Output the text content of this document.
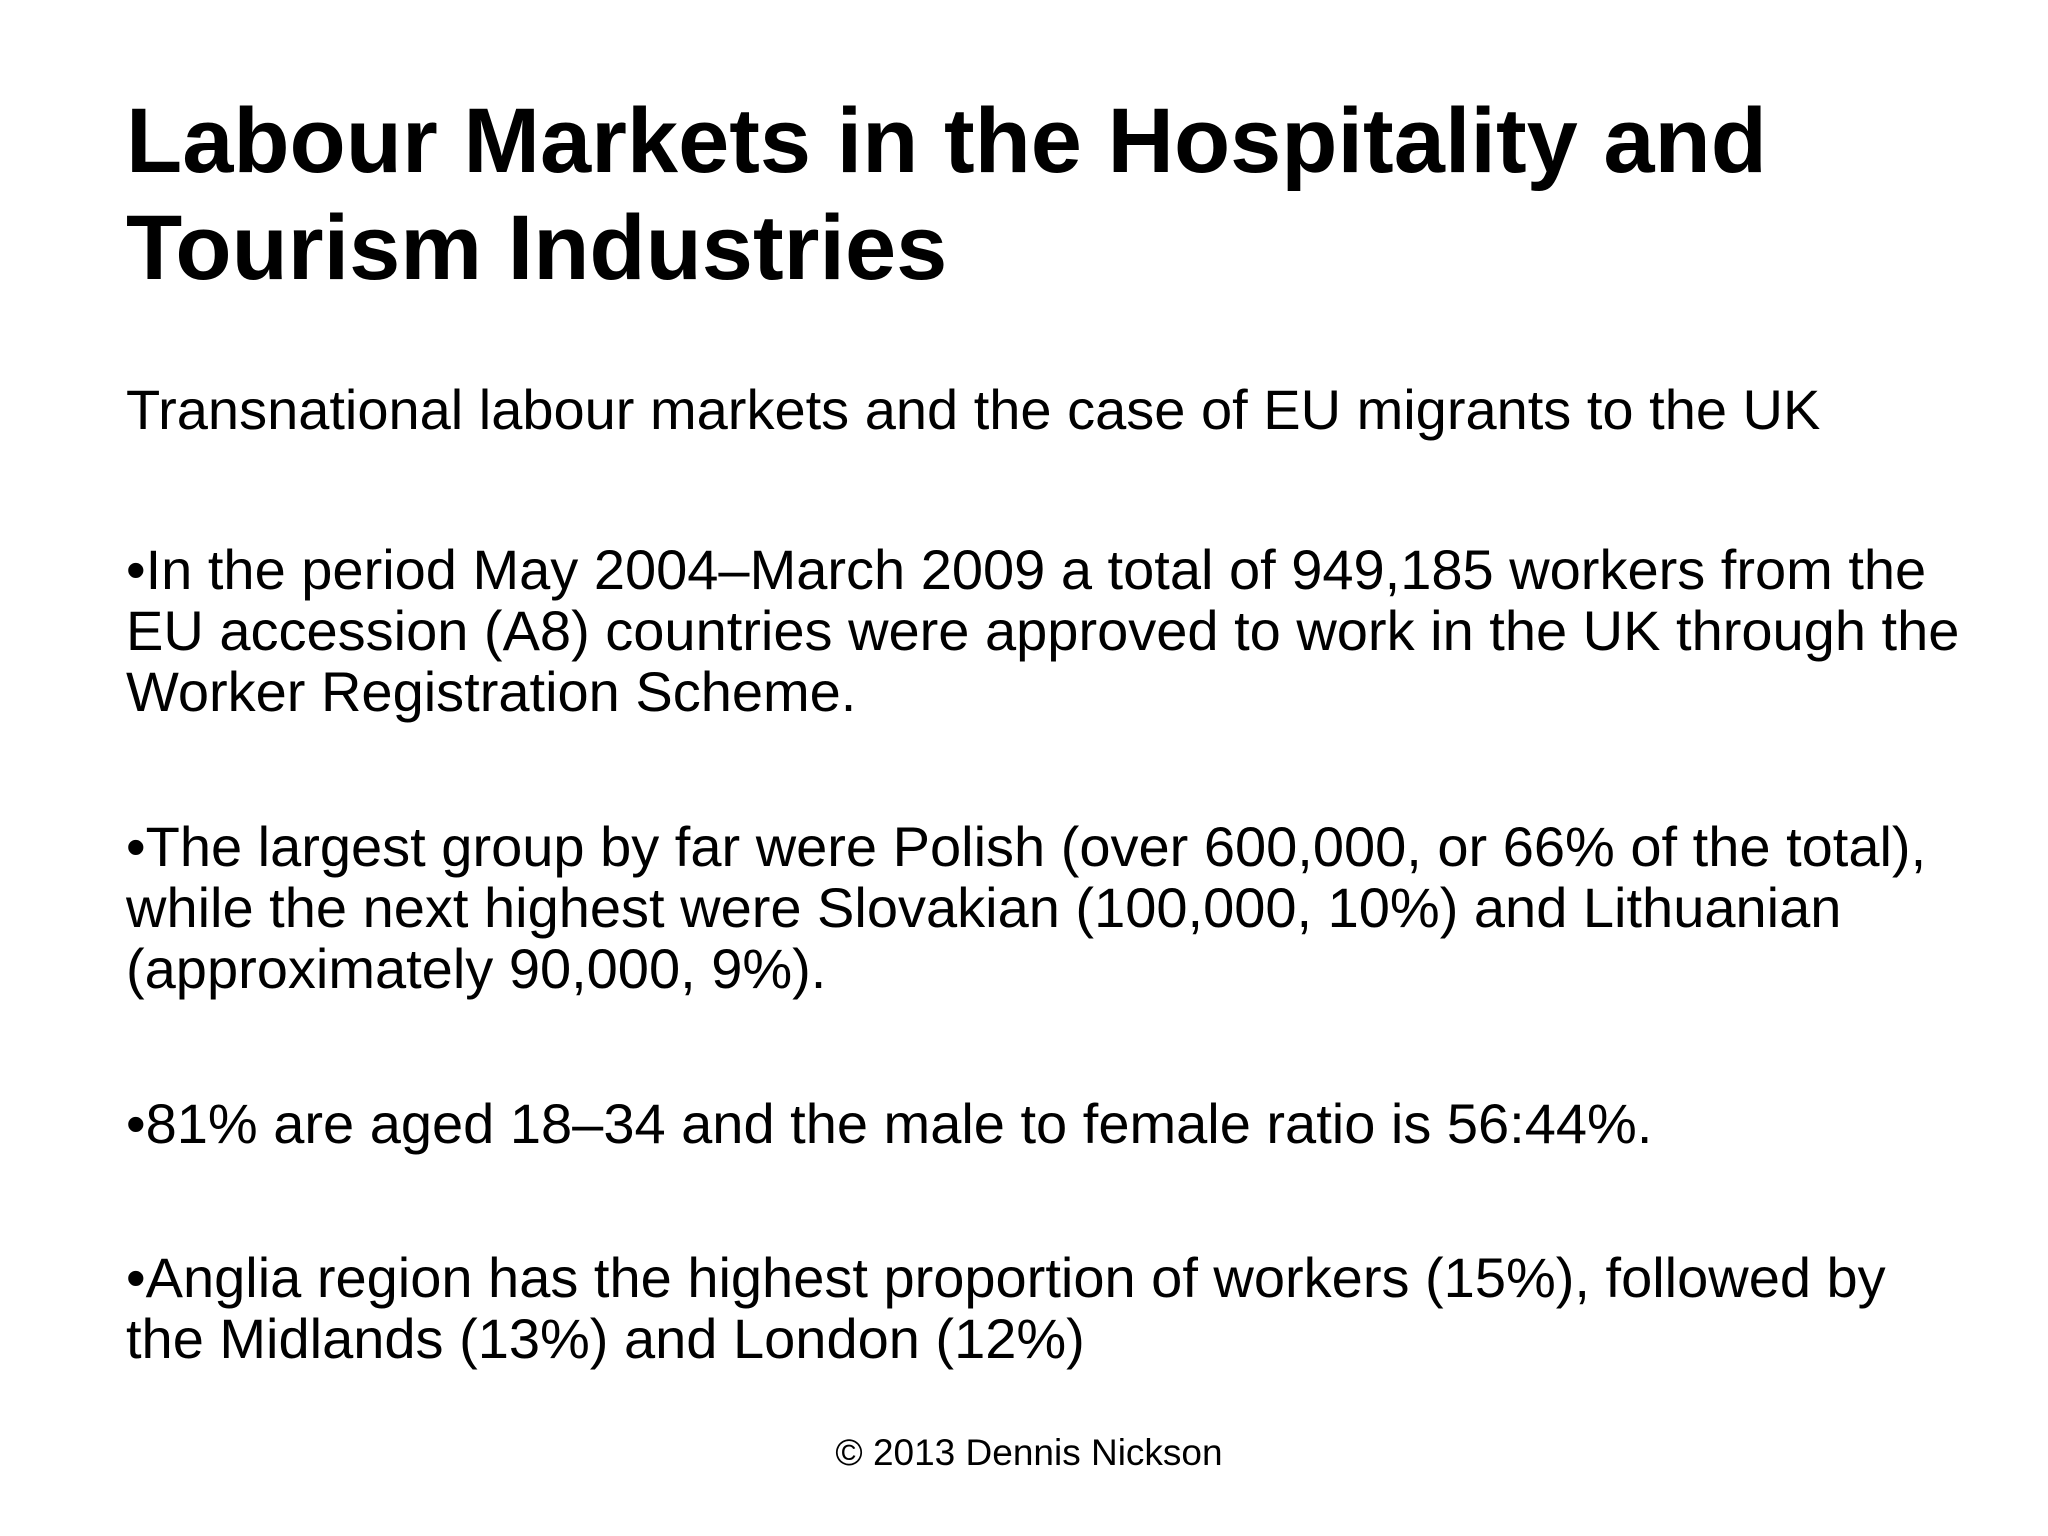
Labour Markets in the Hospitality and Tourism Industries

Transnational labour markets and the case of EU migrants to the UK

•In the period May 2004–March 2009 a total of 949,185 workers from the EU accession (A8) countries were approved to work in the UK through the Worker Registration Scheme.

•The largest group by far were Polish (over 600,000, or 66% of the total), while the next highest were Slovakian (100,000, 10%) and Lithuanian (approximately 90,000, 9%).

•81% are aged 18–34 and the male to female ratio is 56:44%.

•Anglia region has the highest proportion of workers (15%), followed by the Midlands (13%) and London (12%)

© 2013 Dennis Nickson
